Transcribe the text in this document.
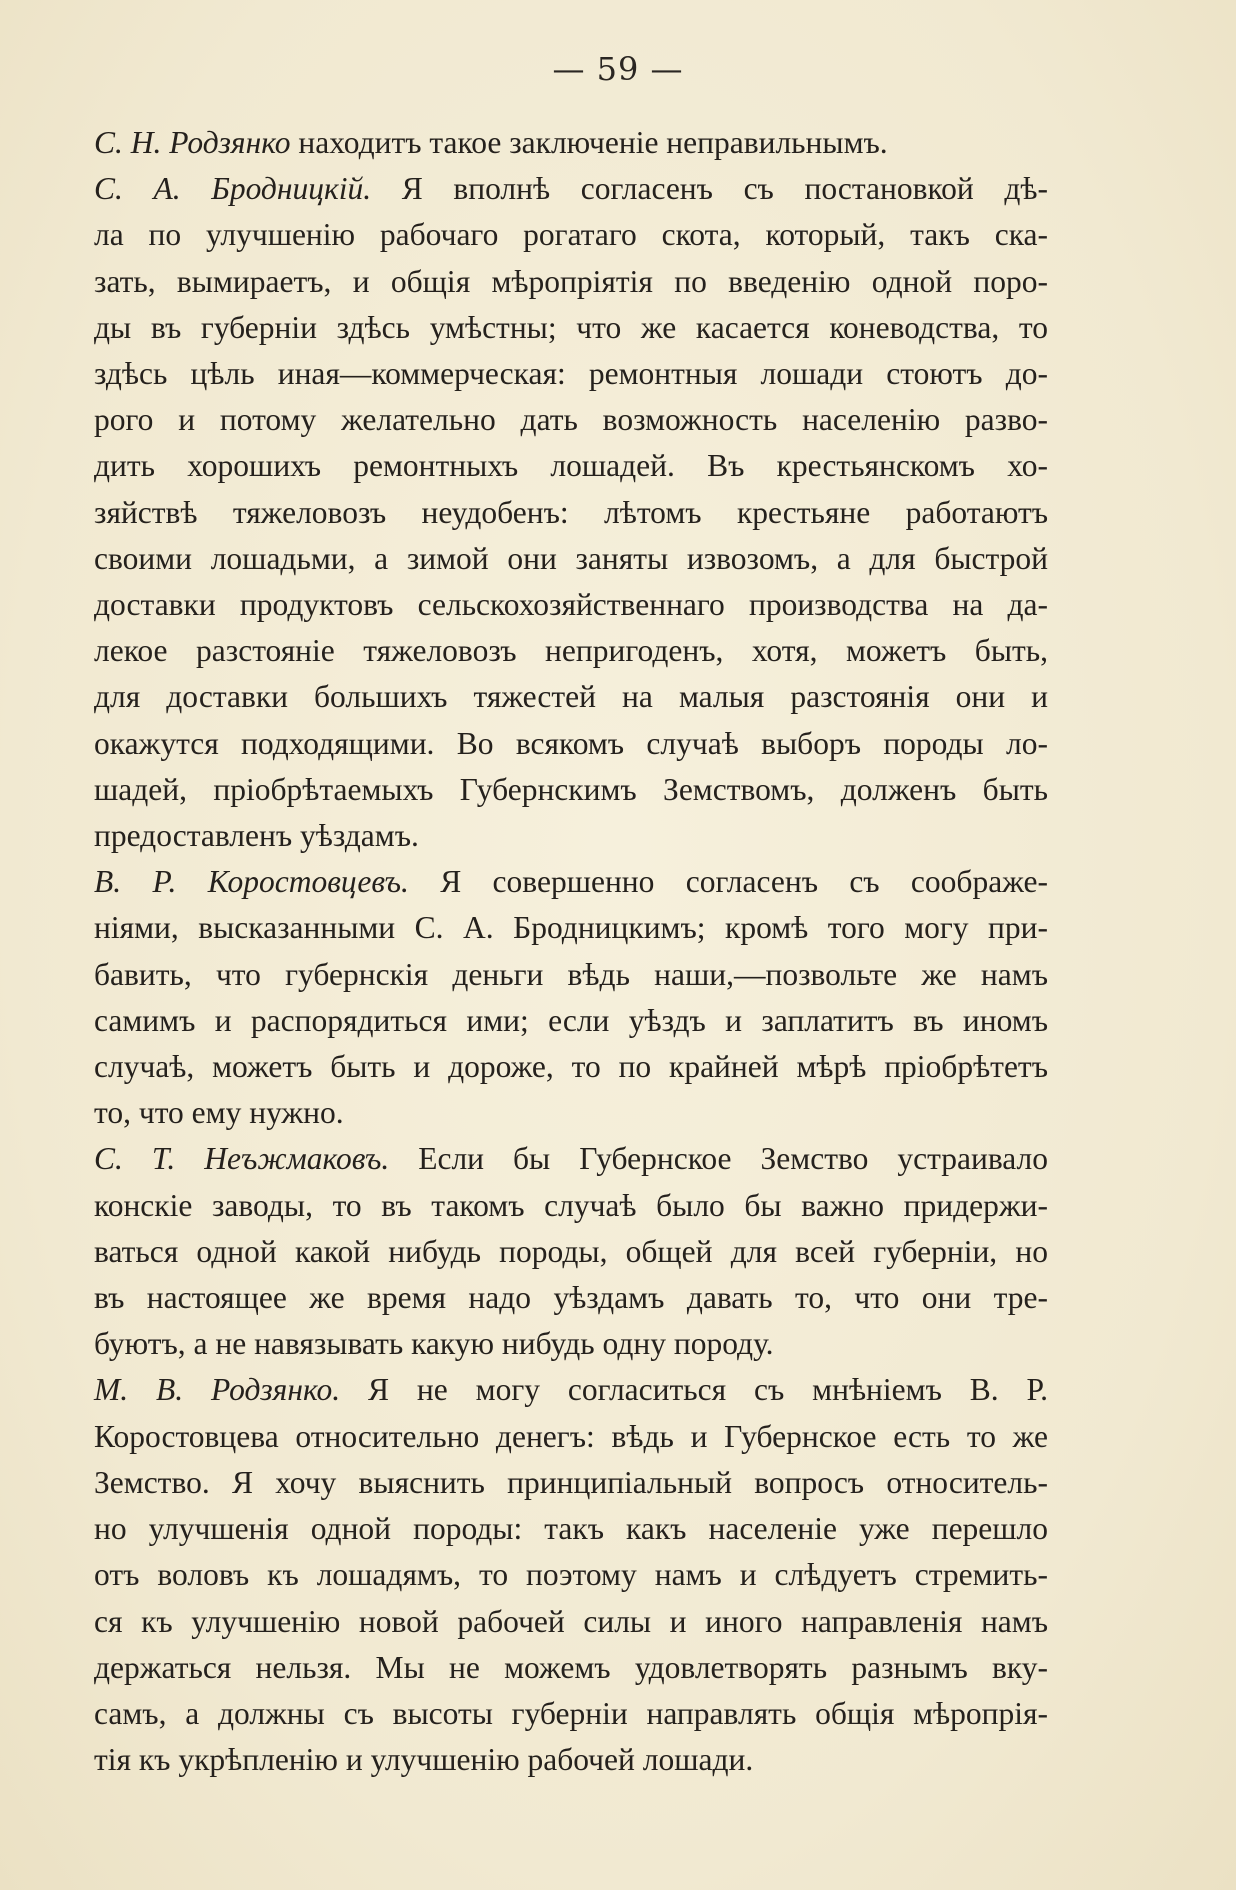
— 59 —
С. Н. Родзянко находитъ такое заключеніе неправильнымъ.
С. А. Бродницкій. Я вполнѣ согласенъ съ постановкой дѣ-
ла по улучшенію рабочаго рогатаго скота, который, такъ ска-
зать, вымираетъ, и общія мѣропріятія по введенію одной поро-
ды въ губерніи здѣсь умѣстны; что же касается коневодства, то
здѣсь цѣль иная—коммерческая: ремонтныя лошади стоютъ до-
рого и потому желательно дать возможность населенію разво-
дить хорошихъ ремонтныхъ лошадей. Въ крестьянскомъ хо-
зяйствѣ тяжеловозъ неудобенъ: лѣтомъ крестьяне работаютъ
своими лошадьми, а зимой они заняты извозомъ, а для быстрой
доставки продуктовъ сельскохозяйственнаго производства на да-
лекое разстояніе тяжеловозъ непригоденъ, хотя, можетъ быть,
для доставки большихъ тяжестей на малыя разстоянія они и
окажутся подходящими. Во всякомъ случаѣ выборъ породы ло-
шадей, пріобрѣтаемыхъ Губернскимъ Земствомъ, долженъ быть
предоставленъ уѣздамъ.
В. Р. Коростовцевъ. Я совершенно согласенъ съ соображе-
ніями, высказанными С. А. Бродницкимъ; кромѣ того могу при-
бавить, что губернскія деньги вѣдь наши,—позвольте же намъ
самимъ и распорядиться ими; если уѣздъ и заплатитъ въ иномъ
случаѣ, можетъ быть и дороже, то по крайней мѣрѣ пріобрѣтетъ
то, что ему нужно.
С. Т. Неъжмаковъ. Если бы Губернское Земство устраивало
конскіе заводы, то въ такомъ случаѣ было бы важно придержи-
ваться одной какой нибудь породы, общей для всей губерніи, но
въ настоящее же время надо уѣздамъ давать то, что они тре-
буютъ, а не навязывать какую нибудь одну породу.
М. В. Родзянко. Я не могу согласиться съ мнѣніемъ В. Р.
Коростовцева относительно денегъ: вѣдь и Губернское есть то же
Земство. Я хочу выяснить принципіальный вопросъ относитель-
но улучшенія одной породы: такъ какъ населеніе уже перешло
отъ воловъ къ лошадямъ, то поэтому намъ и слѣдуетъ стремить-
ся къ улучшенію новой рабочей силы и иного направленія намъ
держаться нельзя. Мы не можемъ удовлетворять разнымъ вку-
самъ, а должны съ высоты губерніи направлять общія мѣропрія-
тія къ укрѣпленію и улучшенію рабочей лошади.
